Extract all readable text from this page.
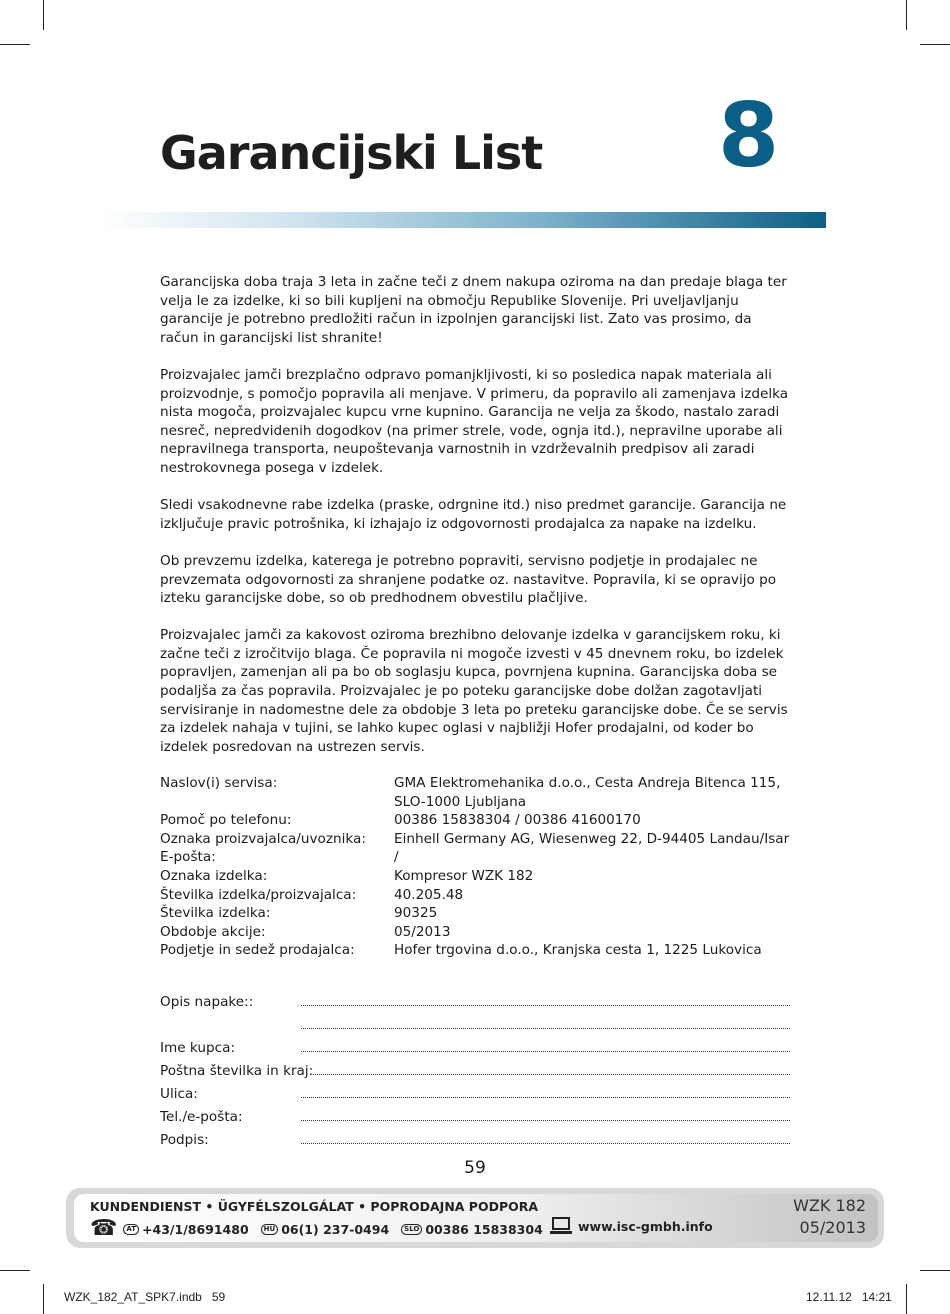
Garancijski List 8

Garancijska doba traja 3 leta in začne teči z dnem nakupa oziroma na dan predaje blaga ter velja le za izdelke, ki so bili kupljeni na območju Republike Slovenije. Pri uveljavljanju garancije je potrebno predložiti račun in izpolnjen garancijski list. Zato vas prosimo, da račun in garancijski list shranite!

Proizvajalec jamči brezplačno odpravo pomanjkljivosti, ki so posledica napak materiala ali proizvodnje, s pomočjo popravila ali menjave. V primeru, da popravilo ali zamenjava izdelka nista mogoča, proizvajalec kupcu vrne kupnino. Garancija ne velja za škodo, nastalo zaradi nesreč, nepredvidenih dogodkov (na primer strele, vode, ognja itd.), nepravilne uporabe ali nepravilnega transporta, neupoštevanja varnostnih in vzdrževalnih predpisov ali zaradi nestrokovnega posega v izdelek.

Sledi vsakodnevne rabe izdelka (praske, odrgnine itd.) niso predmet garancije. Garancija ne izključuje pravic potrošnika, ki izhajajo iz odgovornosti prodajalca za napake na izdelku.

Ob prevzemu izdelka, katerega je potrebno popraviti, servisno podjetje in prodajalec ne prevzemata odgovornosti za shranjene podatke oz. nastavitve. Popravila, ki se opravijo po izteku garancijske dobe, so ob predhodnem obvestilu plačljive.

Proizvajalec jamči za kakovost oziroma brezhibno delovanje izdelka v garancijskem roku, ki začne teči z izročitvijo blaga. Če popravila ni mogoče izvesti v 45 dnevnem roku, bo izdelek popravljen, zamenjan ali pa bo ob soglasju kupca, povrnjena kupnina. Garancijska doba se podaljša za čas popravila. Proizvajalec je po poteku garancijske dobe dolžan zagotavljati servisiranje in nadomestne dele za obdobje 3 leta po preteku garancijske dobe. Če se servis za izdelek nahaja v tujini, se lahko kupec oglasi v najbližji Hofer prodajalni, od koder bo izdelek posredovan na ustrezen servis.

Naslov(i) servisa:	GMA Elektromehanika d.o.o., Cesta Andreja Bitenca 115,
SLO-1000 Ljubljana
Pomoč po telefonu:	00386 15838304 / 00386 41600170
Oznaka proizvajalca/uvoznika:	Einhell Germany AG, Wiesenweg 22, D-94405 Landau/Isar
E-pošta:	/
Oznaka izdelka:	Kompresor WZK 182
Številka izdelka/proizvajalca:	40.205.48
Številka izdelka:	90325
Obdobje akcije:	05/2013
Podjetje in sedež prodajalca:	Hofer trgovina d.o.o., Kranjska cesta 1, 1225 Lukovica
Opis napake::
Ime kupca:
Poštna številka in kraj:
Ulica:
Tel./e-pošta:
Podpis:
59
KUNDENDIENST • ÜGYFÉLSZOLGÁLAT • POPRODAJNA PODPORA
☎	AT +43/1/8691480	HU 06(1) 237-0494	SLO 00386 15838304	www.isc-gmbh.info
WZK 182
05/2013
WZK_182_AT_SPK7.indb   59	12.11.12   14:21
